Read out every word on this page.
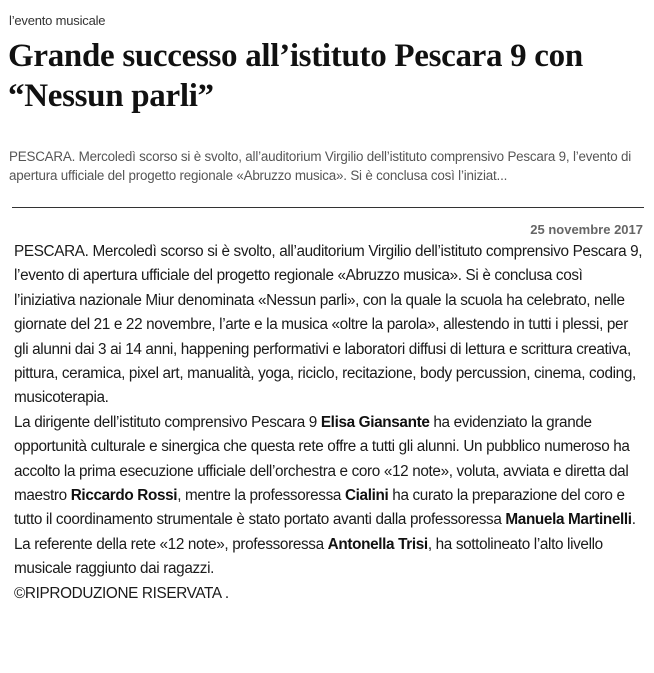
l’evento musicale
Grande successo all’istituto Pescara 9 con “Nessun parli”
PESCARA. Mercoledì scorso si è svolto, all’auditorium Virgilio dell’istituto comprensivo Pescara 9, l’evento di apertura ufficiale del progetto regionale «Abruzzo musica». Si è conclusa così l’iniziat...
25 novembre 2017

PESCARA. Mercoledì scorso si è svolto, all’auditorium Virgilio dell’istituto comprensivo Pescara 9, l’evento di apertura ufficiale del progetto regionale «Abruzzo musica». Si è conclusa così l’iniziativa nazionale Miur denominata «Nessun parli», con la quale la scuola ha celebrato, nelle giornate del 21 e 22 novembre, l’arte e la musica «oltre la parola», allestendo in tutti i plessi, per gli alunni dai 3 ai 14 anni, happening performativi e laboratori diffusi di lettura e scrittura creativa, pittura, ceramica, pixel art, manualità, yoga, riciclo, recitazione, body percussion, cinema, coding, musicoterapia.

La dirigente dell’istituto comprensivo Pescara 9 Elisa Giansante ha evidenziato la grande opportunità culturale e sinergica che questa rete offre a tutti gli alunni. Un pubblico numeroso ha accolto la prima esecuzione ufficiale dell’orchestra e coro «12 note», voluta, avviata e diretta dal maestro Riccardo Rossi, mentre la professoressa Cialini ha curato la preparazione del coro e tutto il coordinamento strumentale è stato portato avanti dalla professoressa Manuela Martinelli.

La referente della rete «12 note», professoressa Antonella Trisi, ha sottolineato l’alto livello musicale raggiunto dai ragazzi.

©RIPRODUZIONE RISERVATA .
